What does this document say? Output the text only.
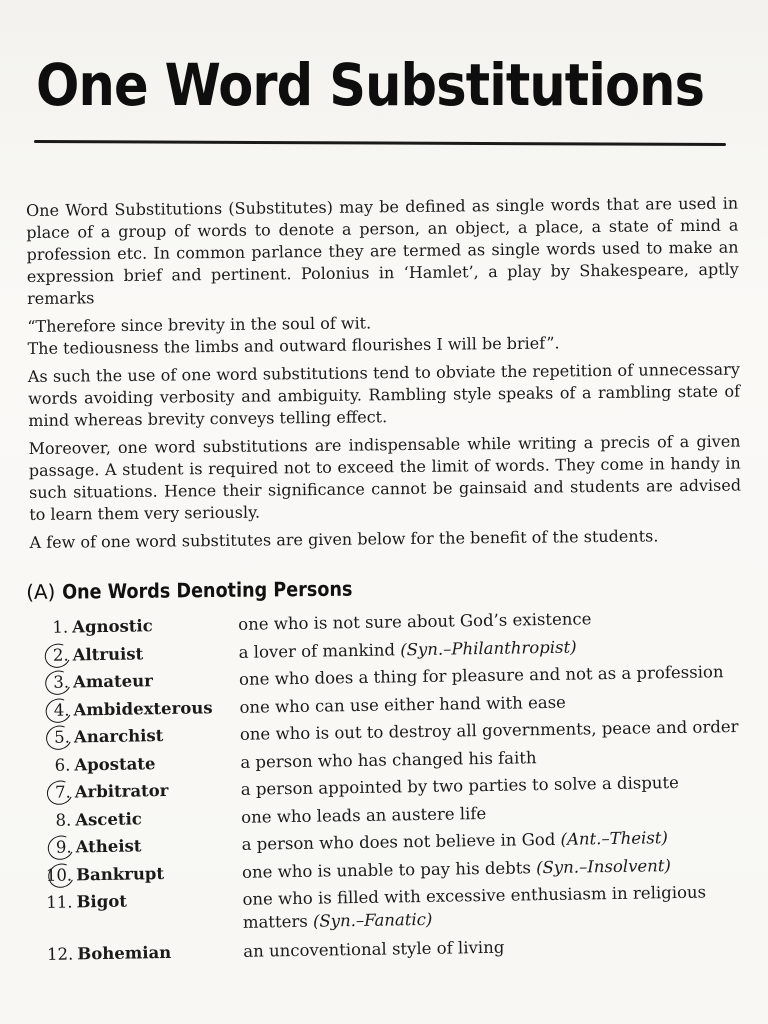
One Word Substitutions

One Word Substitutions (Substitutes) may be defined as single words that are used in place of a group of words to denote a person, an object, a place, a state of mind a profession etc. In common parlance they are termed as single words used to make an expression brief and pertinent. Polonius in ‘Hamlet’, a play by Shakespeare, aptly remarks

“Therefore since brevity in the soul of wit.

The tediousness the limbs and outward flourishes I will be brief”.

As such the use of one word substitutions tend to obviate the repetition of unnecessary words avoiding verbosity and ambiguity. Rambling style speaks of a rambling state of mind whereas brevity conveys telling effect.

Moreover, one word substitutions are indispensable while writing a precis of a given passage. A student is required not to exceed the limit of words. They come in handy in such situations. Hence their significance cannot be gainsaid and students are advised to learn them very seriously.

A few of one word substitutes are given below for the benefit of the students.

(A) One Words Denoting Persons
1. Agnostic	one who is not sure about God’s existence
2. Altruist	a lover of mankind (Syn.–Philanthropist)
3. Amateur	one who does a thing for pleasure and not as a profession
4. Ambidexterous	one who can use either hand with ease
5. Anarchist	one who is out to destroy all governments, peace and order
6. Apostate	a person who has changed his faith
7. Arbitrator	a person appointed by two parties to solve a dispute
8. Ascetic	one who leads an austere life
9. Atheist	a person who does not believe in God (Ant.–Theist)
10. Bankrupt	one who is unable to pay his debts (Syn.–Insolvent)
11. Bigot	one who is filled with excessive enthusiasm in religious matters (Syn.–Fanatic)
12. Bohemian	an uncoventional style of living
